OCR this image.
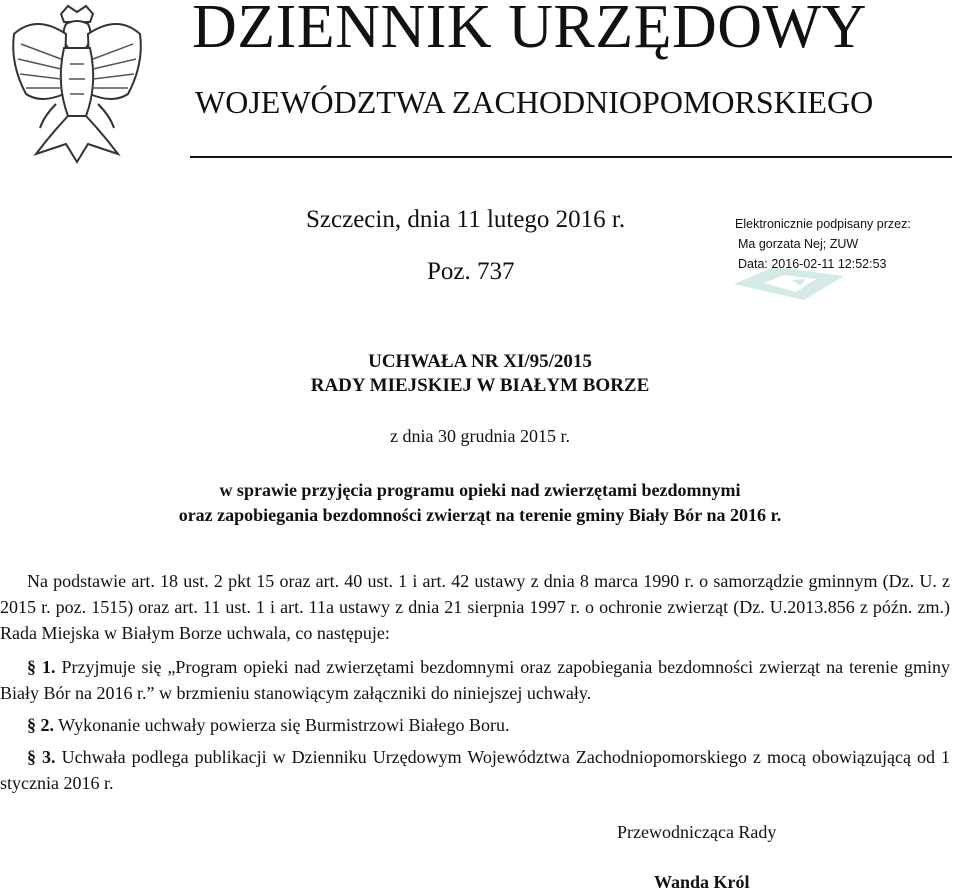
DZIENNIK URZĘDOWY
WOJEWÓDZTWA ZACHODNIOPOMORSKIEGO
Szczecin, dnia 11 lutego 2016 r.
Poz. 737
Elektronicznie podpisany przez:
Ma gorzata Nej; ZUW
Data: 2016-02-11 12:52:53
UCHWAŁA NR XI/95/2015
RADY MIEJSKIEJ W BIAŁYM BORZE
z dnia 30 grudnia 2015 r.
w sprawie przyjęcia programu opieki nad zwierzętami bezdomnymi
oraz zapobiegania bezdomności zwierząt na terenie gminy Biały Bór na 2016 r.

Na podstawie art. 18 ust. 2 pkt 15 oraz art. 40 ust. 1 i art. 42 ustawy z dnia 8 marca 1990 r. o samorządzie gminnym (Dz. U. z 2015 r. poz. 1515) oraz art. 11 ust. 1 i art. 11a ustawy z dnia 21 sierpnia 1997 r. o ochronie zwierząt (Dz. U.2013.856 z późn. zm.) Rada Miejska w Białym Borze uchwala, co następuje:

§ 1. Przyjmuje się „Program opieki nad zwierzętami bezdomnymi oraz zapobiegania bezdomności zwierząt na terenie gminy Biały Bór na 2016 r.” w brzmieniu stanowiącym załączniki do niniejszej uchwały.

§ 2. Wykonanie uchwały powierza się Burmistrzowi Białego Boru.

§ 3. Uchwała podlega publikacji w Dzienniku Urzędowym Województwa Zachodniopomorskiego z mocą obowiązującą od 1 stycznia 2016 r.

Przewodnicząca Rady
Wanda Król
